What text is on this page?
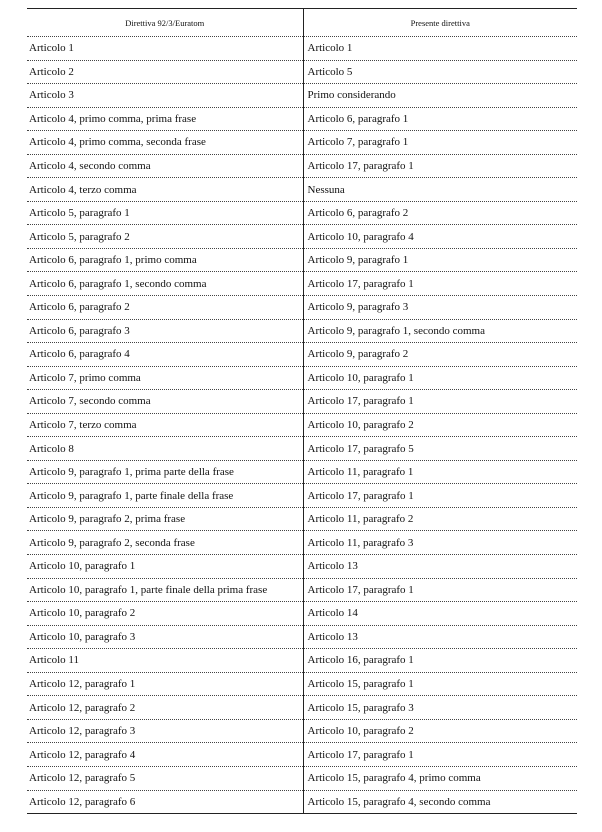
Direttiva 92/3/Euratom	Presente direttiva
Articolo 1	Articolo 1
Articolo 2	Articolo 5
Articolo 3	Primo considerando
Articolo 4, primo comma, prima frase	Articolo 6, paragrafo 1
Articolo 4, primo comma, seconda frase	Articolo 7, paragrafo 1
Articolo 4, secondo comma	Articolo 17, paragrafo 1
Articolo 4, terzo comma	Nessuna
Articolo 5, paragrafo 1	Articolo 6, paragrafo 2
Articolo 5, paragrafo 2	Articolo 10, paragrafo 4
Articolo 6, paragrafo 1, primo comma	Articolo 9, paragrafo 1
Articolo 6, paragrafo 1, secondo comma	Articolo 17, paragrafo 1
Articolo 6, paragrafo 2	Articolo 9, paragrafo 3
Articolo 6, paragrafo 3	Articolo 9, paragrafo 1, secondo comma
Articolo 6, paragrafo 4	Articolo 9, paragrafo 2
Articolo 7, primo comma	Articolo 10, paragrafo 1
Articolo 7, secondo comma	Articolo 17, paragrafo 1
Articolo 7, terzo comma	Articolo 10, paragrafo 2
Articolo 8	Articolo 17, paragrafo 5
Articolo 9, paragrafo 1, prima parte della frase	Articolo 11, paragrafo 1
Articolo 9, paragrafo 1, parte finale della frase	Articolo 17, paragrafo 1
Articolo 9, paragrafo 2, prima frase	Articolo 11, paragrafo 2
Articolo 9, paragrafo 2, seconda frase	Articolo 11, paragrafo 3
Articolo 10, paragrafo 1	Articolo 13
Articolo 10, paragrafo 1, parte finale della prima frase	Articolo 17, paragrafo 1
Articolo 10, paragrafo 2	Articolo 14
Articolo 10, paragrafo 3	Articolo 13
Articolo 11	Articolo 16, paragrafo 1
Articolo 12, paragrafo 1	Articolo 15, paragrafo 1
Articolo 12, paragrafo 2	Articolo 15, paragrafo 3
Articolo 12, paragrafo 3	Articolo 10, paragrafo 2
Articolo 12, paragrafo 4	Articolo 17, paragrafo 1
Articolo 12, paragrafo 5	Articolo 15, paragrafo 4, primo comma
Articolo 12, paragrafo 6	Articolo 15, paragrafo 4, secondo comma
